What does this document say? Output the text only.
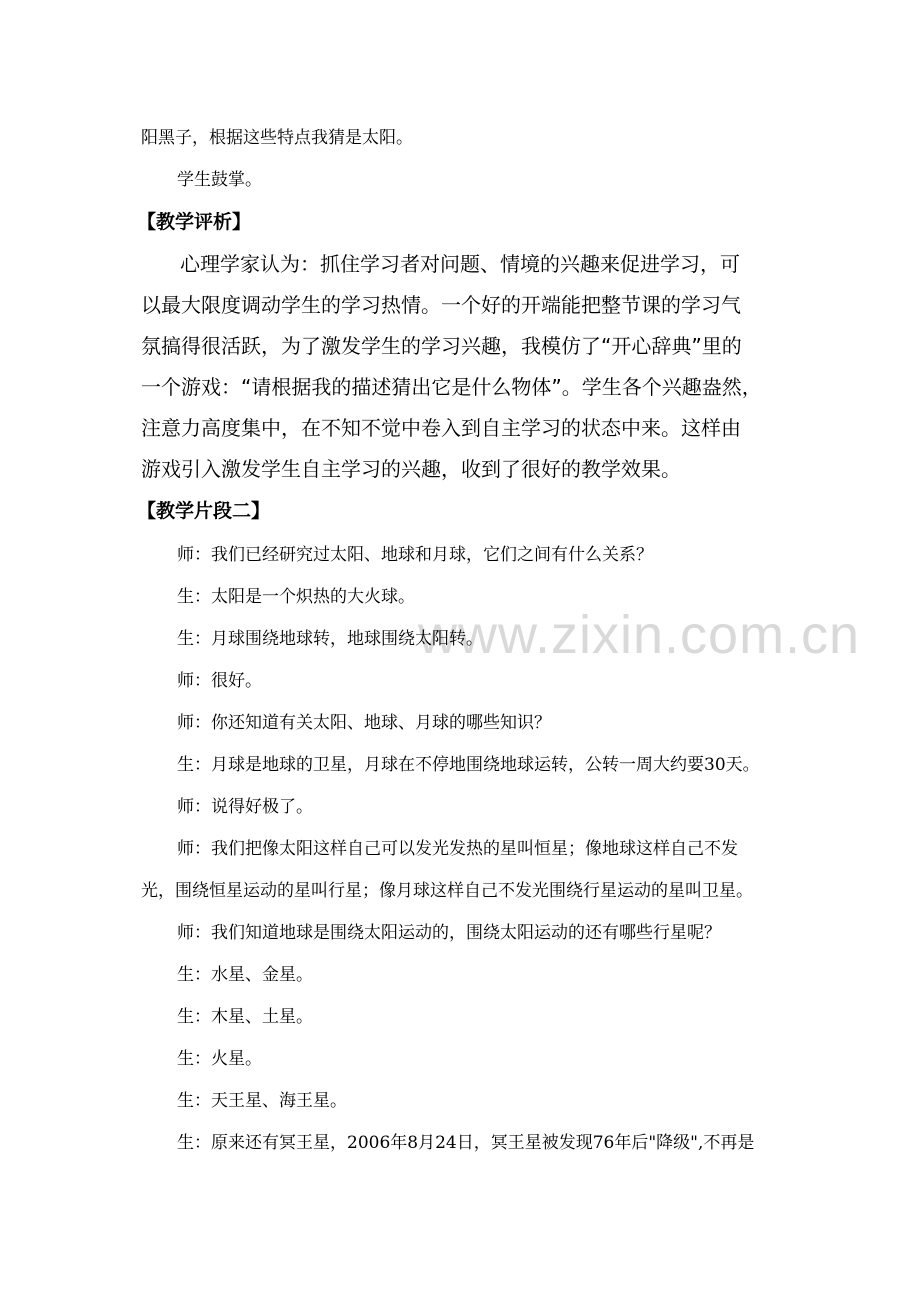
www.zixin.com.cn
阳黑子，根据这些特点我猜是太阳。
学生鼓掌。
【教学评析】
心理学家认为：抓住学习者对问题、情境的兴趣来促进学习，可
以最大限度调动学生的学习热情。一个好的开端能把整节课的学习气
氛搞得很活跃，为了激发学生的学习兴趣，我模仿了“开心辞典”里的
一个游戏：“请根据我的描述猜出它是什么物体”。学生各个兴趣盎然，
注意力高度集中，在不知不觉中卷入到自主学习的状态中来。这样由
游戏引入激发学生自主学习的兴趣，收到了很好的教学效果。
【教学片段二】
师：我们已经研究过太阳、地球和月球，它们之间有什么关系？
生：太阳是一个炽热的大火球。
生：月球围绕地球转，地球围绕太阳转。
师：很好。
师：你还知道有关太阳、地球、月球的哪些知识？
生：月球是地球的卫星，月球在不停地围绕地球运转，公转一周大约要30天。
师：说得好极了。
师：我们把像太阳这样自己可以发光发热的星叫恒星；像地球这样自己不发
光，围绕恒星运动的星叫行星；像月球这样自己不发光围绕行星运动的星叫卫星。
师：我们知道地球是围绕太阳运动的，围绕太阳运动的还有哪些行星呢？
生：水星、金星。
生：木星、土星。
生：火星。
生：天王星、海王星。
生：原来还有冥王星，2006年8月24日，冥王星被发现76年后"降级",不再是
